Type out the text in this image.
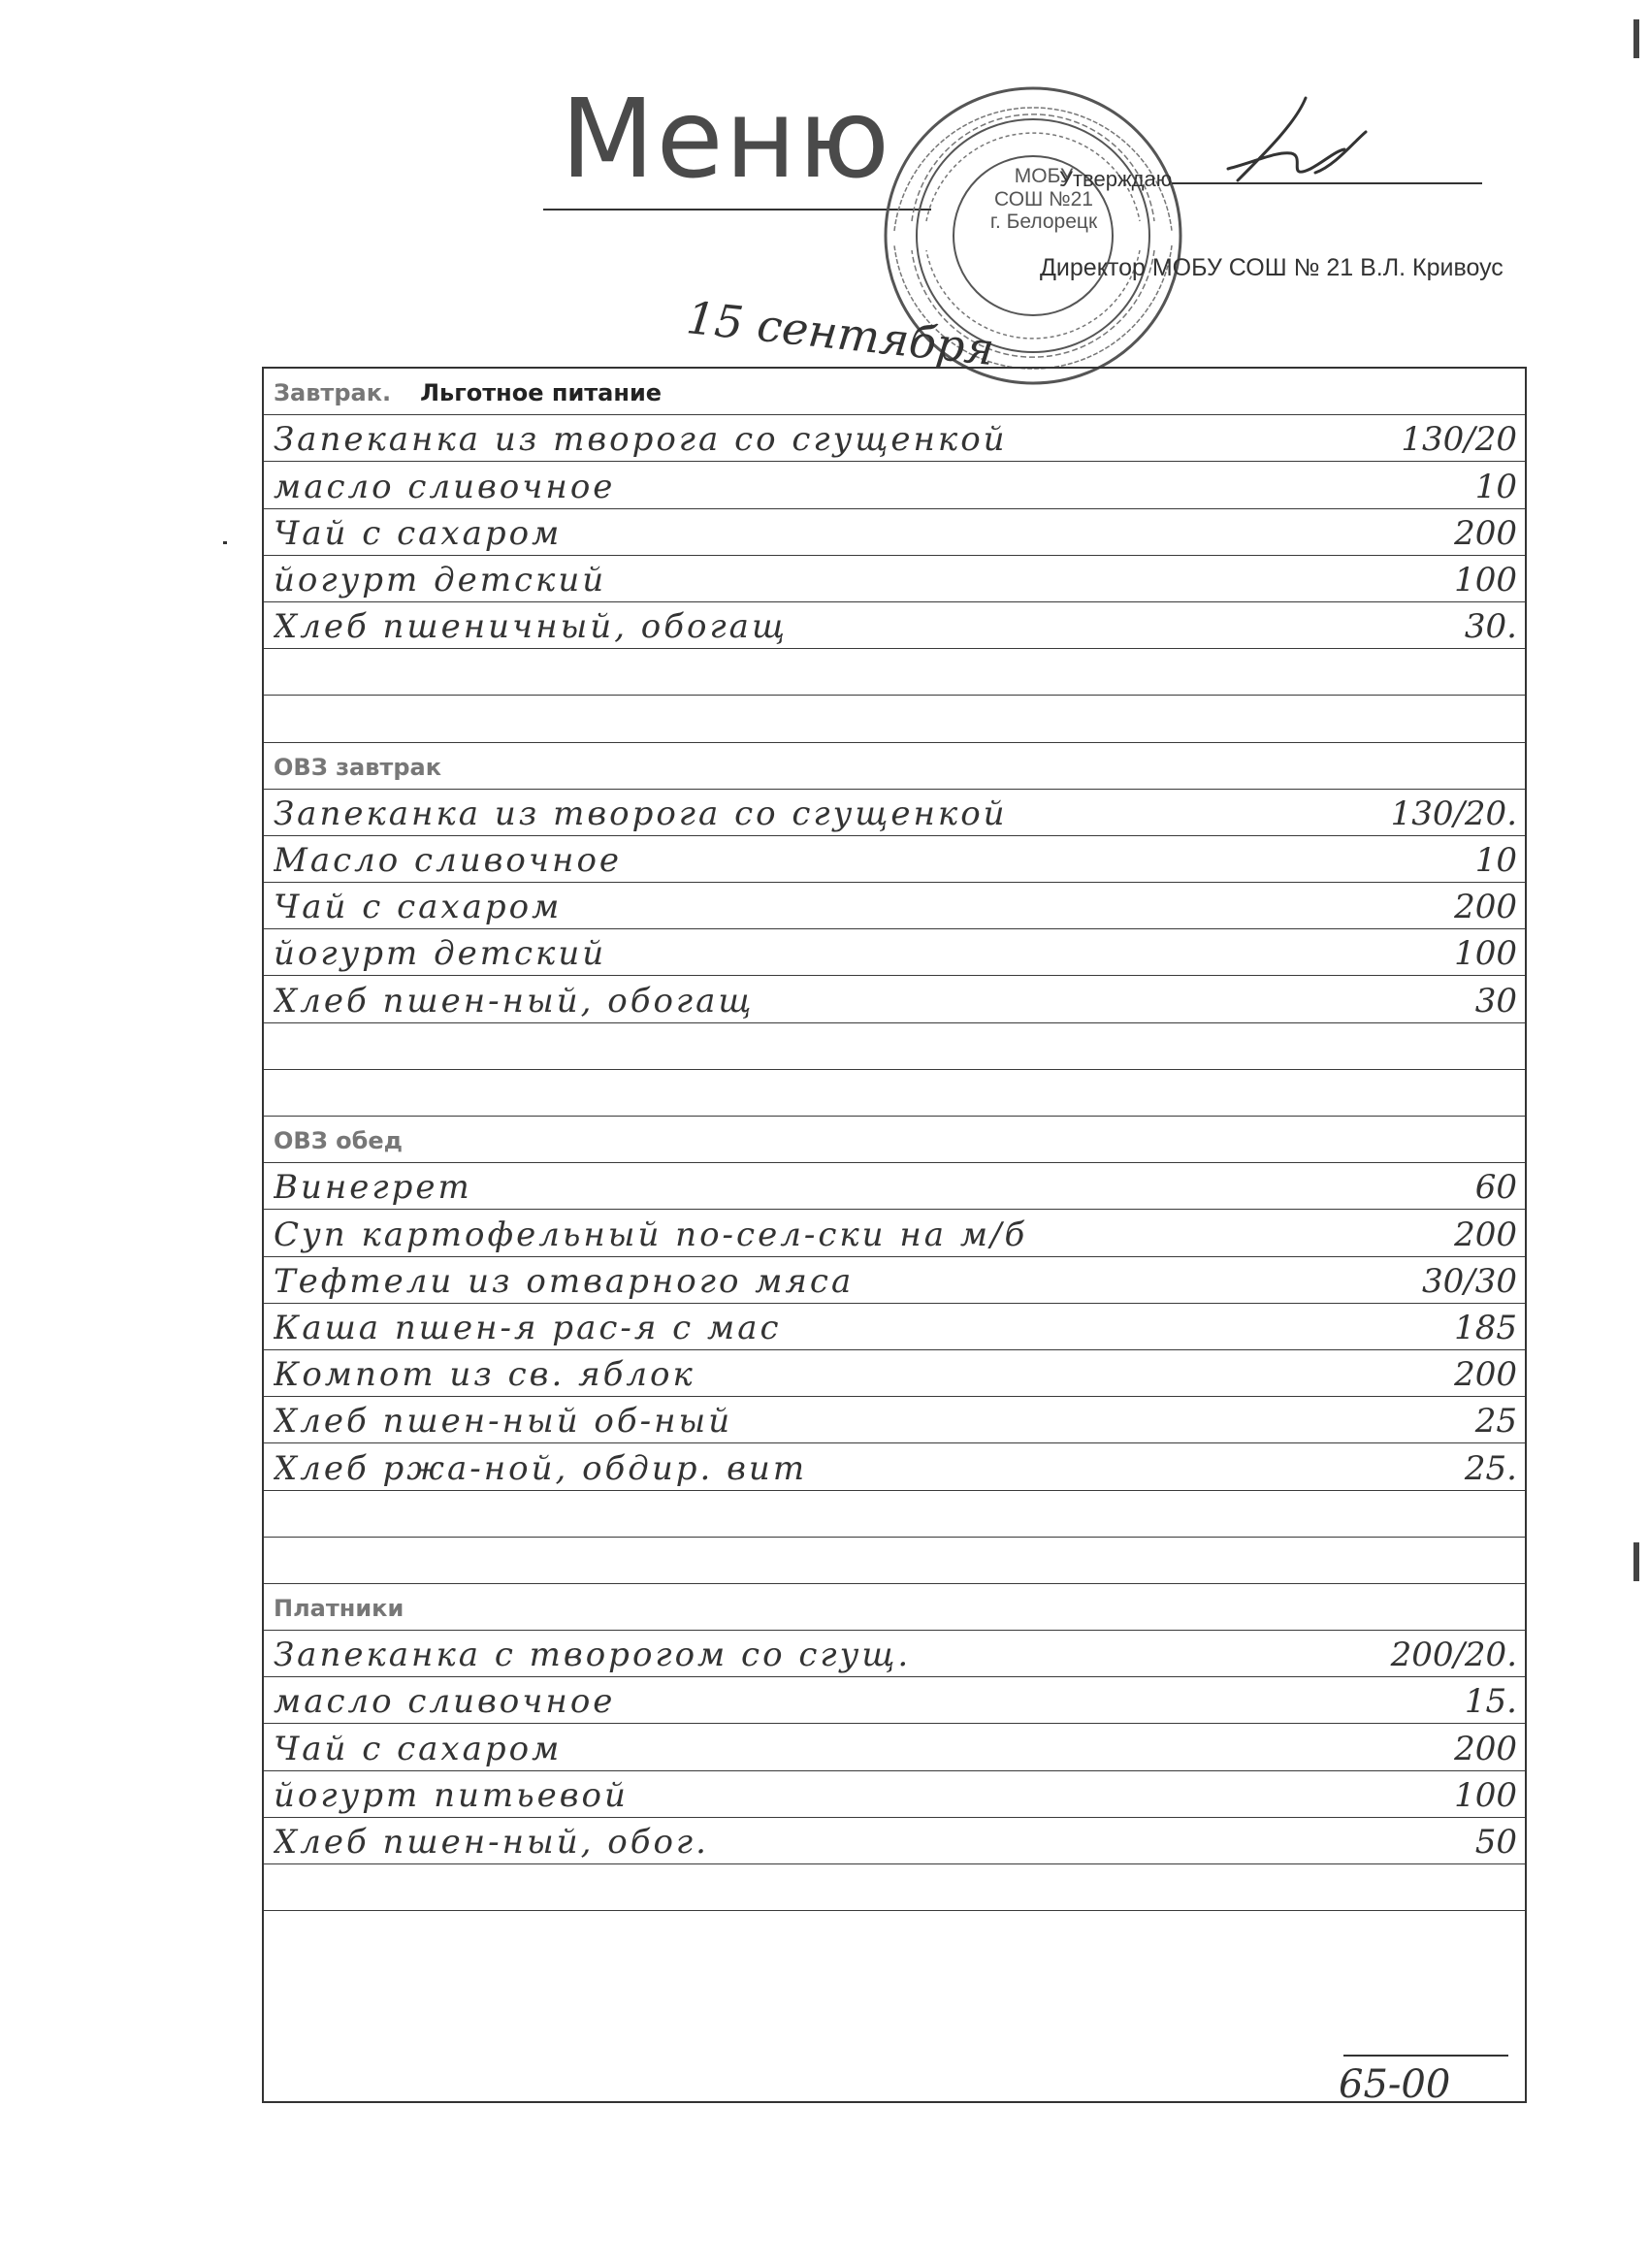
Меню	МОБУ
СОШ №21
г. Белорецк
Утверждаю
Директор МОБУ СОШ № 21 В.Л. Кривоус
15 сентября
Завтрак. Льготное питание
Запеканка из творога со сгущенкой	130/20
масло сливочное	10
Чай с сахаром	200
йогурт детский	100
Хлеб пшеничный, обогащ	30.
ОВЗ завтрак
Запеканка из творога со сгущенкой	130/20.
Масло сливочное	10
Чай с сахаром	200
йогурт детский	100
Хлеб пшен-ный, обогащ	30
ОВЗ обед
Винегрет	60
Суп картофельный по-сел-ски на м/б	200
Тефтели из отварного мяса	30/30
Каша пшен-я рас-я с мас	185
Компот из св. яблок	200
Хлеб пшен-ный об-ный	25
Хлеб ржа-ной, обдир. вит	25.
Платники
Запеканка с творогом со сгущ.	200/20.
масло сливочное	15.
Чай с сахаром	200
йогурт питьевой	100
Хлеб пшен-ный, обог.	50
65-00
